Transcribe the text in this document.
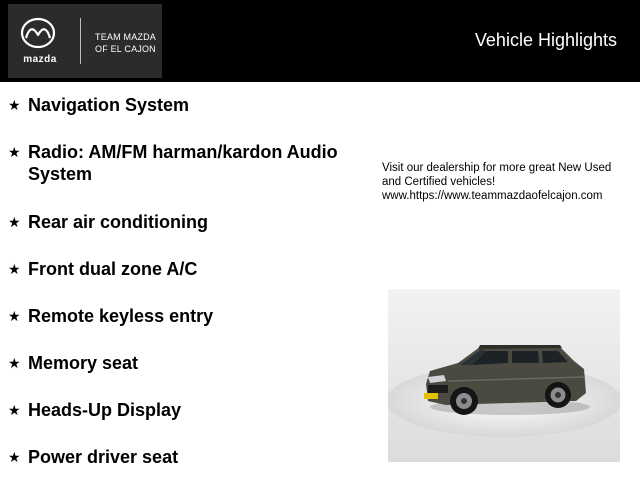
mazda
TEAM MAZDA
OF EL CAJON	Vehicle Highlights
★ Navigation System
★ Radio: AM/FM harman/kardon Audio System
★ Rear air conditioning
★ Front dual zone A/C
★ Remote keyless entry
★ Memory seat
★ Heads-Up Display
★ Power driver seat
Visit our dealership for more great New Used and Certified vehicles!
www.https://www.teammazdaofelcajon.com
